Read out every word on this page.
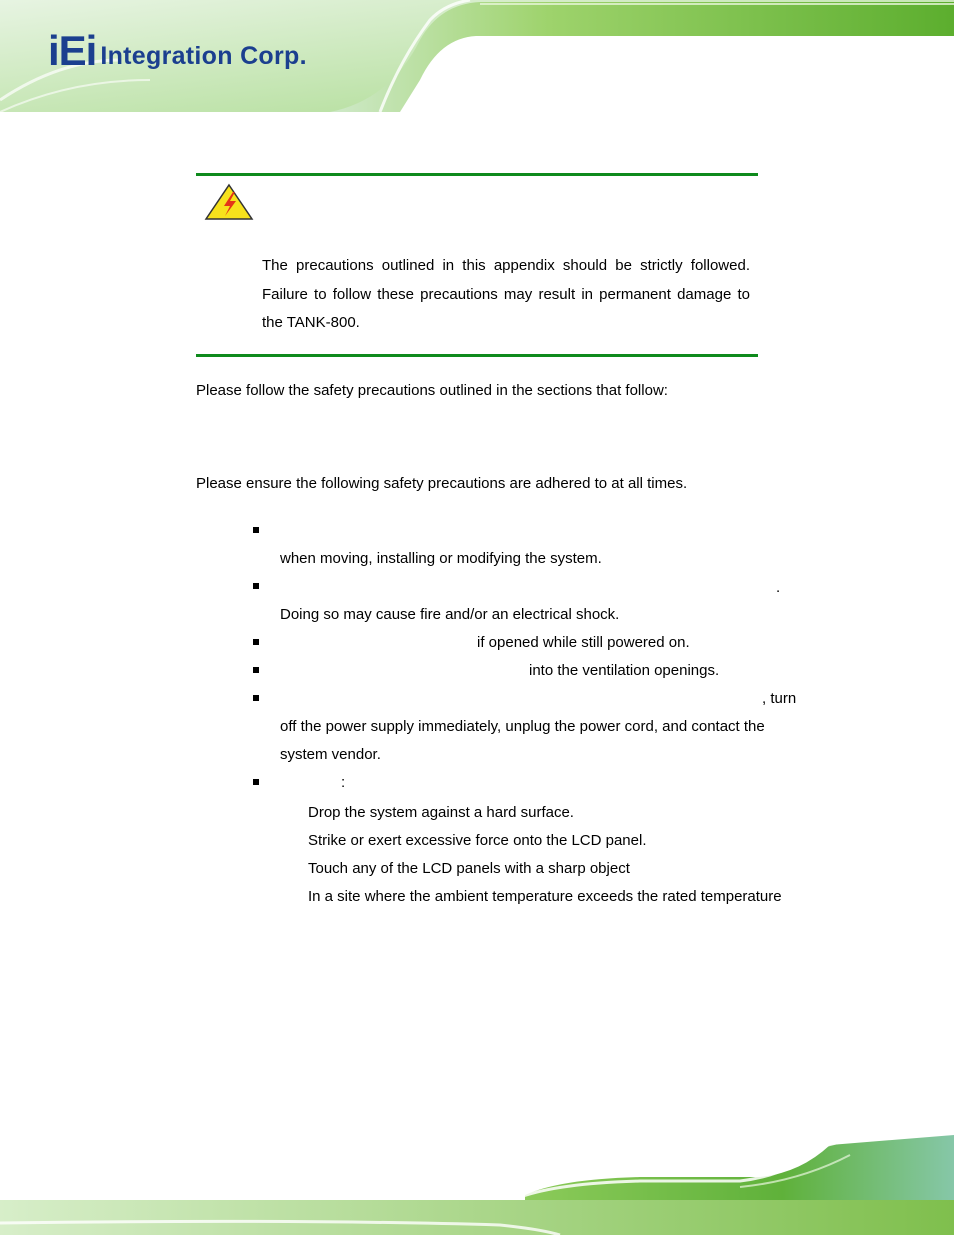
iEi Integration Corp.

The precautions outlined in this appendix should be strictly followed. Failure to follow these precautions may result in permanent damage to the TANK-800.

Please follow the safety precautions outlined in the sections that follow:

Please ensure the following safety precautions are adhered to at all times.

when moving, installing or modifying the system.

.

Doing so may cause fire and/or an electrical shock.

if opened while still powered on.

into the ventilation openings.

, turn

off the power supply immediately, unplug the power cord, and contact the

system vendor.

:

Drop the system against a hard surface.

Strike or exert excessive force onto the LCD panel.

Touch any of the LCD panels with a sharp object

In a site where the ambient temperature exceeds the rated temperature
